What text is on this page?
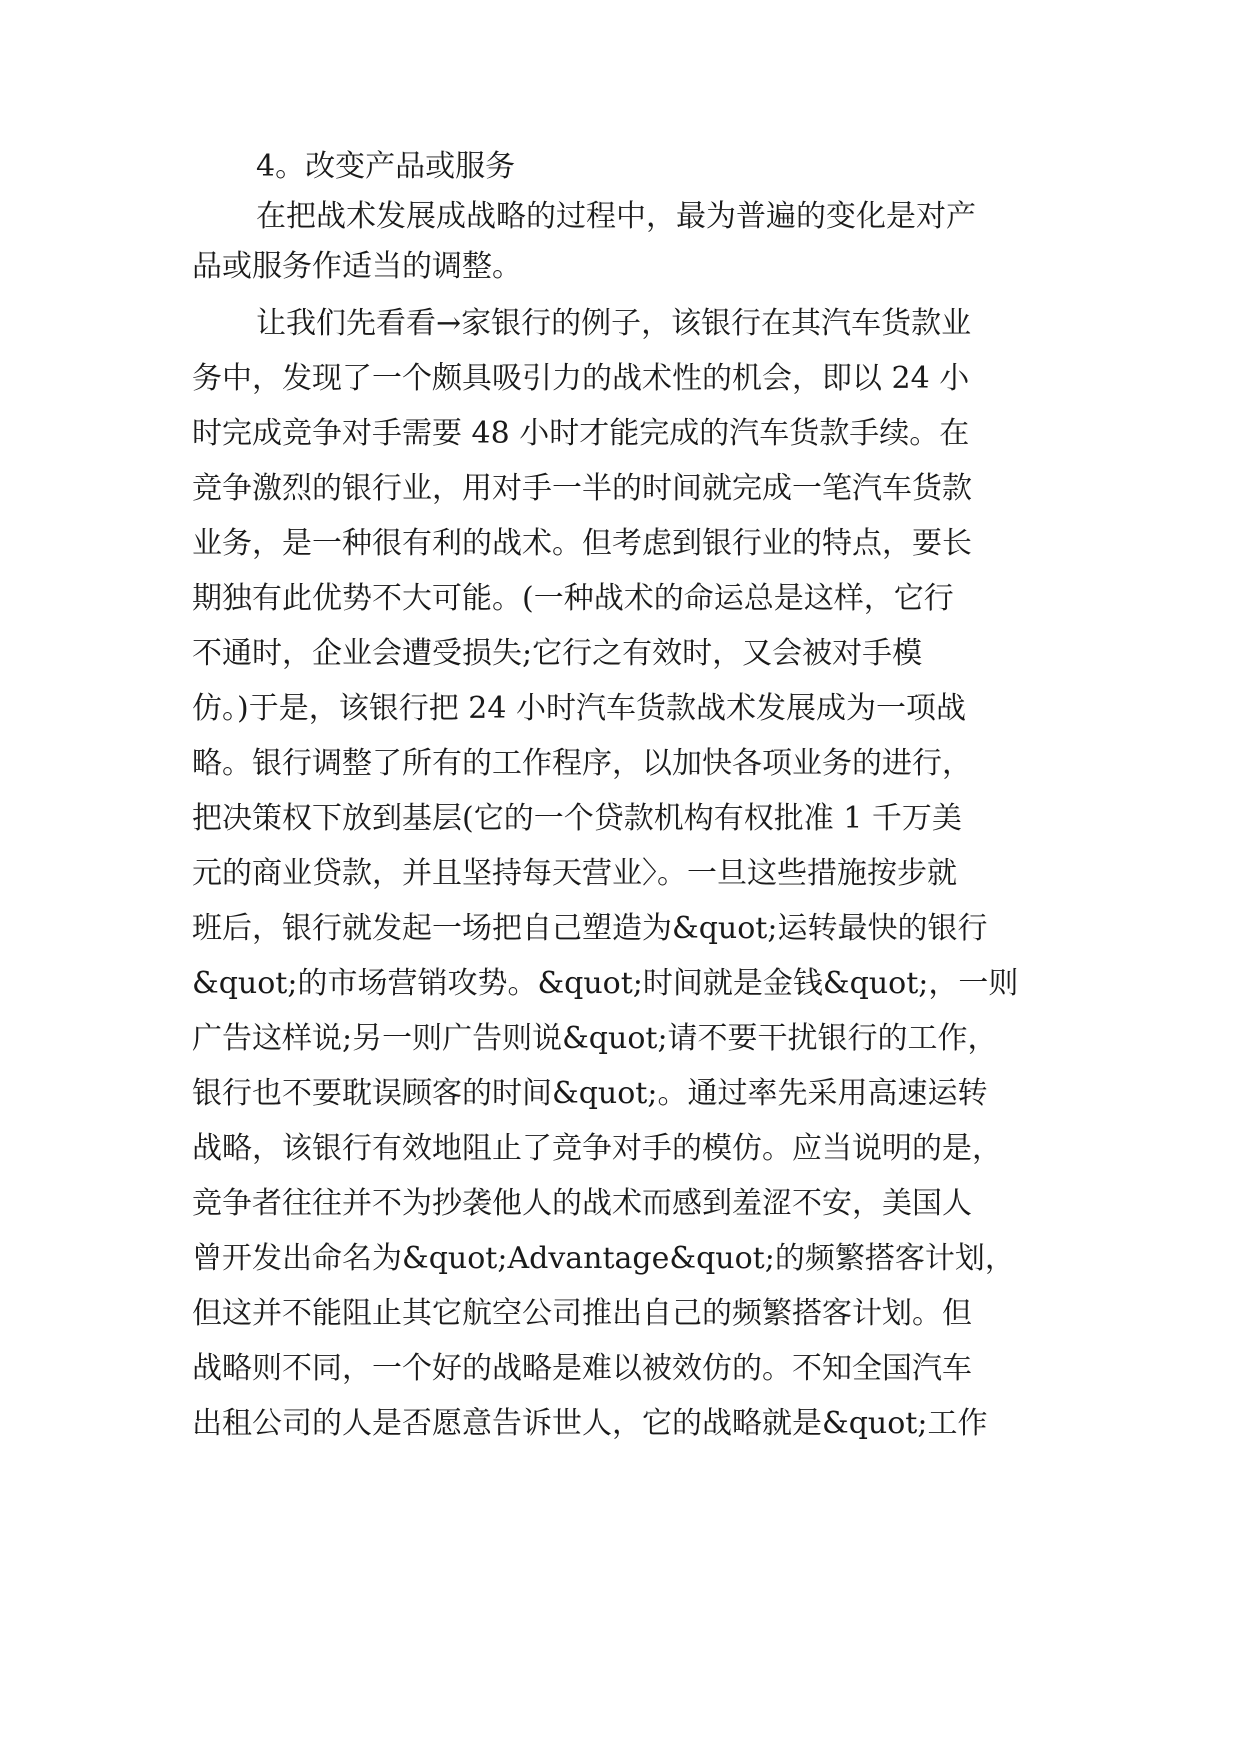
4。改变产品或服务
在把战术发展成战略的过程中，最为普遍的变化是对产
品或服务作适当的调整。
让我们先看看→家银行的例子，该银行在其汽车货款业
务中，发现了一个颇具吸引力的战术性的机会，即以 24 小
时完成竞争对手需要 48 小时才能完成的汽车货款手续。在
竞争激烈的银行业，用对手一半的时间就完成一笔汽车货款
业务，是一种很有利的战术。但考虑到银行业的特点，要长
期独有此优势不大可能。(一种战术的命运总是这样，它行
不通时，企业会遭受损失;它行之有效时，又会被对手模
仿。)于是，该银行把 24 小时汽车货款战术发展成为一项战
略。银行调整了所有的工作程序，以加快各项业务的进行，
把决策权下放到基层(它的一个贷款机构有权批准 1 千万美
元的商业贷款，并且坚持每天营业〉。一旦这些措施按步就
班后，银行就发起一场把自己塑造为&quot;运转最快的银行
&quot;的市场营销攻势。&quot;时间就是金钱&quot;，一则
广告这样说;另一则广告则说&quot;请不要干扰银行的工作，
银行也不要耽误顾客的时间&quot;。通过率先采用高速运转
战略，该银行有效地阻止了竞争对手的模仿。应当说明的是，
竞争者往往并不为抄袭他人的战术而感到羞涩不安，美国人
曾开发出命名为&quot;Advantage&quot;的频繁搭客计划，
但这并不能阻止其它航空公司推出自己的频繁搭客计划。但
战略则不同，一个好的战略是难以被效仿的。不知全国汽车
出租公司的人是否愿意告诉世人，它的战略就是&quot;工作
